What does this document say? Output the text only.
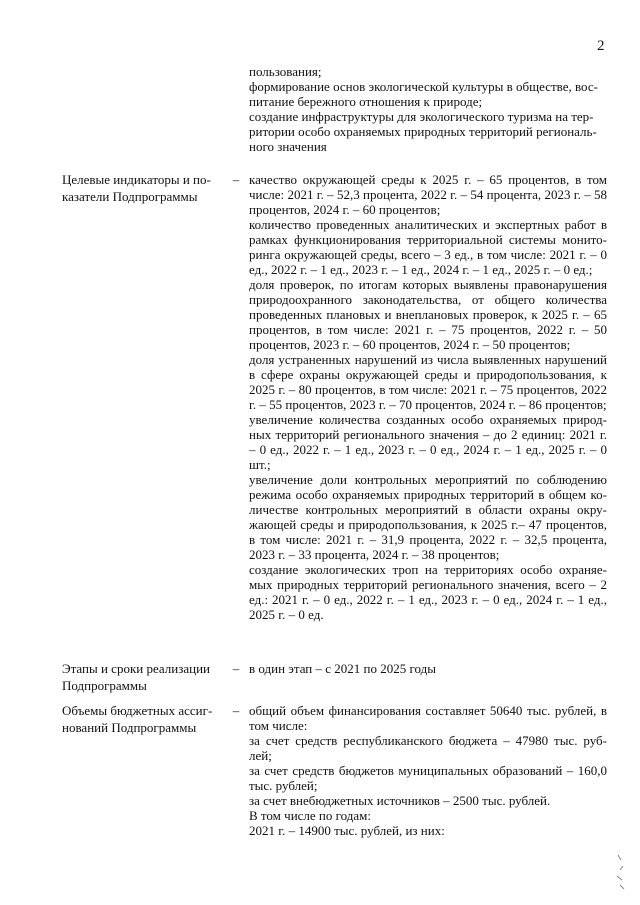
2

пользования;

формирование основ экологической культуры в обществе, вос-

питание бережного отношения к природе;

создание инфраструктуры для экологического туризма на тер-

ритории особо охраняемых природных территорий региональ-

ного значения

Целевые индикаторы и по-казатели Подпрограммы
– качество окружающей среды к 2025 г. – 65 процентов, в том числе: 2021 г. – 52,3 процента, 2022 г. – 54 процента, 2023 г. – 58 процентов, 2024 г. – 60 процентов;

количество проведенных аналитических и экспертных работ в рамках функционирования территориальной системы монито-ринга окружающей среды, всего – 3 ед., в том числе: 2021 г. – 0 ед., 2022 г. – 1 ед., 2023 г. – 1 ед., 2024 г. – 1 ед., 2025 г. – 0 ед.;

доля проверок, по итогам которых выявлены правонарушения природоохранного законодательства, от общего количества проведенных плановых и внеплановых проверок, к 2025 г. – 65 процентов, в том числе: 2021 г. – 75 процентов, 2022 г. – 50 процентов, 2023 г. – 60 процентов, 2024 г. – 50 процентов;

доля устраненных нарушений из числа выявленных нарушений в сфере охраны окружающей среды и природопользования, к 2025 г. – 80 процентов, в том числе: 2021 г. – 75 процентов, 2022 г. – 55 процентов, 2023 г. – 70 процентов, 2024 г. – 86 процентов;

увеличение количества созданных особо охраняемых природ-ных территорий регионального значения – до 2 единиц: 2021 г. – 0 ед., 2022 г. – 1 ед., 2023 г. – 0 ед., 2024 г. – 1 ед., 2025 г. – 0 шт.;

увеличение доли контрольных мероприятий по соблюдению режима особо охраняемых природных территорий в общем ко-личестве контрольных мероприятий в области охраны окру-жающей среды и природопользования, к 2025 г.– 47 процентов, в том числе: 2021 г. – 31,9 процента, 2022 г. – 32,5 процента, 2023 г. – 33 процента, 2024 г. – 38 процентов;

создание экологических троп на территориях особо охраняе-мых природных территорий регионального значения, всего – 2 ед.: 2021 г. – 0 ед., 2022 г. – 1 ед., 2023 г. – 0 ед., 2024 г. – 1 ед., 2025 г. – 0 ед.

Этапы и сроки реализации Подпрограммы
– в один этап – с 2021 по 2025 годы
Объемы бюджетных ассиг-нований Подпрограммы
– общий объем финансирования составляет 50640 тыс. рублей, в том числе:

за счет средств республиканского бюджета – 47980 тыс. руб-лей;

за счет средств бюджетов муниципальных образований – 160,0 тыс. рублей;

за счет внебюджетных источников – 2500 тыс. рублей.

В том числе по годам:

2021 г. – 14900 тыс. рублей, из них:
